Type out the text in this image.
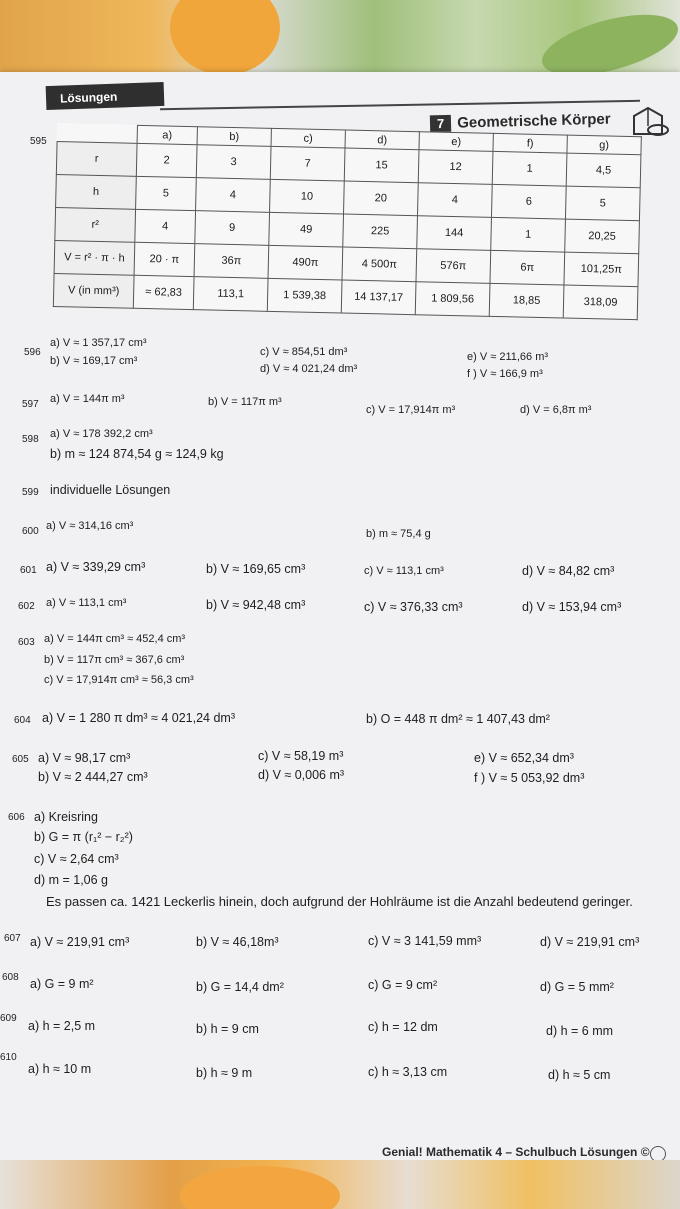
Lösungen
7 Geometrische Körper
595
	a)	b)	c)	d)	e)	f)	g)
r	2	3	7	15	12	1	4,5
h	5	4	10	20	4	6	5
r²	4	9	49	225	144	1	20,25
V = r² · π · h	20 · π	36π	490π	4 500π	576π	6π	101,25π
V (in mm³)	≈ 62,83	113,1	1 539,38	14 137,17	1 809,56	18,85	318,09
596
a) V ≈ 1 357,17 cm³
b) V ≈ 169,17 cm³
c) V ≈ 854,51 dm³
d) V ≈ 4 021,24 dm³
e) V ≈ 211,66 m³
f ) V ≈ 166,9 m³
597 a) V = 144π m³	b) V = 117π m³
c) V = 17,914π m³	d) V = 6,8π m³
598 a) V ≈ 178 392,2 cm³
b) m ≈ 124 874,54 g ≈ 124,9 kg
599 individuelle Lösungen
600 a) V ≈ 314,16 cm³
b) m ≈ 75,4 g
601 a) V ≈ 339,29 cm³	b) V ≈ 169,65 cm³	c) V ≈ 113,1 cm³	d) V ≈ 84,82 cm³
602 a) V ≈ 113,1 cm³	b) V ≈ 942,48 cm³	c) V ≈ 376,33 cm³	d) V ≈ 153,94 cm³
603 a) V = 144π cm³ ≈ 452,4 cm³
b) V = 117π cm³ ≈ 367,6 cm³
c) V = 17,914π cm³ ≈ 56,3 cm³
604 a) V = 1 280 π dm³ ≈ 4 021,24 dm³	b) O = 448 π dm² ≈ 1 407,43 dm²
605 a) V ≈ 98,17 cm³
b) V ≈ 2 444,27 cm³
c) V ≈ 58,19 m³
d) V ≈ 0,006 m³
e) V ≈ 652,34 dm³
f ) V ≈ 5 053,92 dm³
606 a) Kreisring
b) G = π (r₁² − r₂²)
c) V ≈ 2,64 cm³
d) m = 1,06 g
Es passen ca. 1421 Leckerlis hinein, doch aufgrund der Hohlräume ist die Anzahl bedeutend geringer.
607 a) V ≈ 219,91 cm³	b) V ≈ 46,18m³	c) V ≈ 3 141,59 mm³	d) V ≈ 219,91 cm³
608 a) G = 9 m²	b) G = 14,4 dm²	c) G = 9 cm²	d) G = 5 mm²
609
a) h = 2,5 m	b) h = 9 cm	c) h = 12 dm	d) h = 6 mm
610
a) h ≈ 10 m	b) h ≈ 9 m	c) h ≈ 3,13 cm	d) h ≈ 5 cm
Genial! Mathematik 4 – Schulbuch Lösungen ©
